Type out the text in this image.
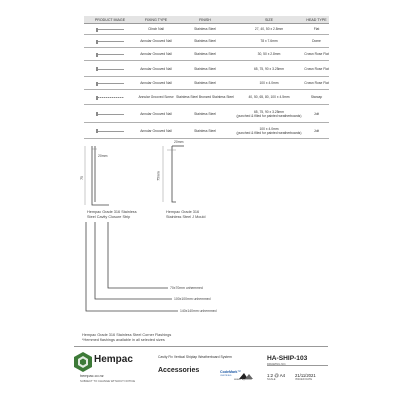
PRODUCT IMAGE	FIXING TYPE	FINISH	SIZE	HEAD TYPE

	Clinch Nail	Stainless Steel	27, 40, 50 x 2.8mm	Flat

	Annular Grooved Nail	Stainless Steel	78 x 7.6mm	Dome

	Annular Grooved Nail	Stainless Steel	30, 50 x 2.8mm	Crown Rose Flat

	Annular Grooved Nail	Stainless Steel	65, 75, 90 x 3.25mm	Crown Rose Flat

	Annular Grooved Nail	Stainless Steel	100 x 4.0mm	Crown Rose Flat

	Annular Grooved Screw	Stainless Steel Bronzed Stainless Steel	40, 50, 65, 80, 100 x 4.5mm	Starcap

	Annular Grooved Nail	Stainless Steel	65, 75, 90 x 3.25mm
(punched & filled for painted weatherboards)	Jolt

	Annular Grooved Nail	Stainless Steel	100 x 4.0mm
(punched & filled for painted weatherboards)	Jolt
20mm
75
Hempac Grade 316 Stainless
Steel Cavity Closure Strip
20mm
75mm
Hempac Grade 316
Stainless Steel J Mould
70x70mm unhemmed
100x100mm unhemmed
140x140mm unhemmed
Hempac Grade 316 Stainless Steel Corner Flashings
*Hemmed flashings available in all selected sizes
Hempac
hempac.co.nz
SUBJECT TO CHANGE WITHOUT NOTICE
Cavity Fix Vertical Shiplap Weatherboard System
Accessories	CodeMark™
CERTIFIED
BRANZ Appraised
HA-SHIP-103
DRAWING NO.
1:2 @ A4 21/11/2021
SCALE	ISSUED DATE
